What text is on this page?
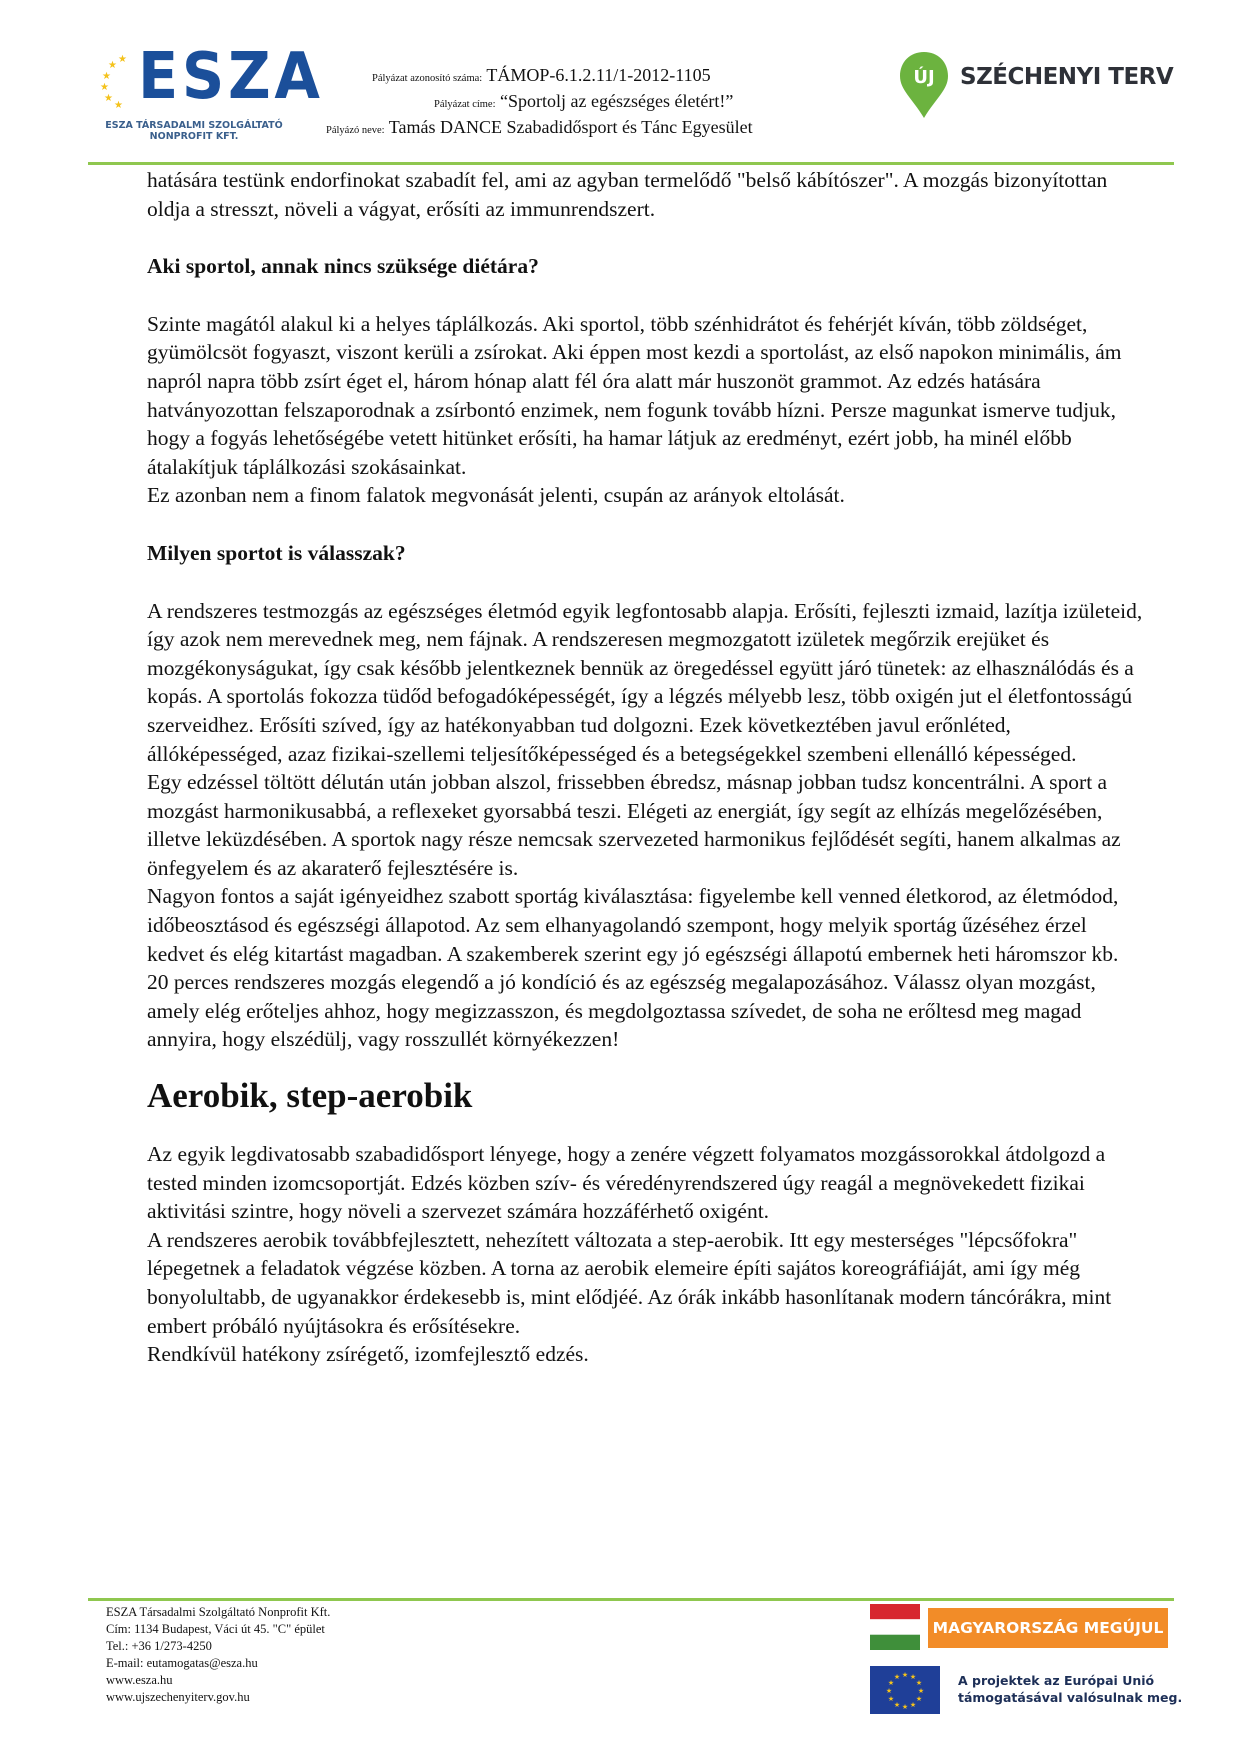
★
★
★
★
★
★ ESZA
ESZA TÁRSADALMI SZOLGÁLTATÓ
NONPROFIT KFT.
Pályázat azonosító száma: TÁMOP-6.1.2.11/1-2012-1105
Pályázat címe: “Sportolj az egészséges életért!”
Pályázó neve: Tamás DANCE Szabadidősport és Tánc Egyesület
ÚJ SZÉCHENYI TERV

hatására testünk endorfinokat szabadít fel, ami az agyban termelődő "belső kábítószer". A mozgás bizonyítottan oldja a stresszt, növeli a vágyat, erősíti az immunrendszert.

Aki sportol, annak nincs szüksége diétára?

Szinte magától alakul ki a helyes táplálkozás. Aki sportol, több szénhidrátot és fehérjét kíván, több zöldséget, gyümölcsöt fogyaszt, viszont kerüli a zsírokat. Aki éppen most kezdi a sportolást, az első napokon minimális, ám napról napra több zsírt éget el, három hónap alatt fél óra alatt már huszonöt grammot. Az edzés hatására hatványozottan felszaporodnak a zsírbontó enzimek, nem fogunk tovább hízni. Persze magunkat ismerve tudjuk, hogy a fogyás lehetőségébe vetett hitünket erősíti, ha hamar látjuk az eredményt, ezért jobb, ha minél előbb átalakítjuk táplálkozási szokásainkat.

Ez azonban nem a finom falatok megvonását jelenti, csupán az arányok eltolását.

Milyen sportot is válasszak?

A rendszeres testmozgás az egészséges életmód egyik legfontosabb alapja. Erősíti, fejleszti izmaid, lazítja izületeid, így azok nem merevednek meg, nem fájnak. A rendszeresen megmozgatott izületek megőrzik erejüket és mozgékonyságukat, így csak később jelentkeznek bennük az öregedéssel együtt járó tünetek: az elhasználódás és a kopás. A sportolás fokozza tüdőd befogadóképességét, így a légzés mélyebb lesz, több oxigén jut el életfontosságú szerveidhez. Erősíti szíved, így az hatékonyabban tud dolgozni. Ezek következtében javul erőnléted, állóképességed, azaz fizikai-szellemi teljesítőképességed és a betegségekkel szembeni ellenálló képességed.

Egy edzéssel töltött délután után jobban alszol, frissebben ébredsz, másnap jobban tudsz koncentrálni. A sport a mozgást harmonikusabbá, a reflexeket gyorsabbá teszi. Elégeti az energiát, így segít az elhízás megelőzésében, illetve leküzdésében. A sportok nagy része nemcsak szervezeted harmonikus fejlődését segíti, hanem alkalmas az önfegyelem és az akaraterő fejlesztésére is.

Nagyon fontos a saját igényeidhez szabott sportág kiválasztása: figyelembe kell venned életkorod, az életmódod, időbeosztásod és egészségi állapotod. Az sem elhanyagolandó szempont, hogy melyik sportág űzéséhez érzel kedvet és elég kitartást magadban. A szakemberek szerint egy jó egészségi állapotú embernek heti háromszor kb. 20 perces rendszeres mozgás elegendő a jó kondíció és az egészség megalapozásához. Válassz olyan mozgást, amely elég erőteljes ahhoz, hogy megizzasszon, és megdolgoztassa szívedet, de soha ne erőltesd meg magad annyira, hogy elszédülj, vagy rosszullét környékezzen!

Aerobik, step-aerobik

Az egyik legdivatosabb szabadidősport lényege, hogy a zenére végzett folyamatos mozgássorokkal átdolgozd a tested minden izomcsoportját. Edzés közben szív- és véredényrendszered úgy reagál a megnövekedett fizikai aktivitási szintre, hogy növeli a szervezet számára hozzáférhető oxigént.

A rendszeres aerobik továbbfejlesztett, nehezített változata a step-aerobik. Itt egy mesterséges "lépcsőfokra" lépegetnek a feladatok végzése közben. A torna az aerobik elemeire építi sajátos koreográfiáját, ami így még bonyolultabb, de ugyanakkor érdekesebb is, mint elődjéé. Az órák inkább hasonlítanak modern táncórákra, mint embert próbáló nyújtásokra és erősítésekre.

Rendkívül hatékony zsírégető, izomfejlesztő edzés.

ESZA Társadalmi Szolgáltató Nonprofit Kft.
Cím: 1134 Budapest, Váci út 45. "C" épület
Tel.: +36 1/273-4250
E-mail: eutamogatas@esza.hu
www.esza.hu
www.ujszechenyiterv.gov.hu
MAGYARORSZÁG MEGÚJUL
★ ★
★
★
★
★
★
★
★
★
★
★	A projektek az Európai Unió
támogatásával valósulnak meg.
